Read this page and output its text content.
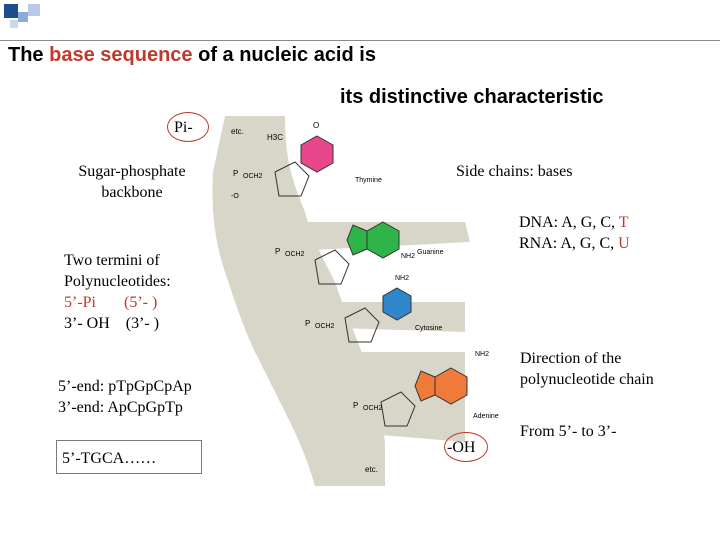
The base sequence of a nucleic acid is
its distinctive characteristic
Thymine
H3C
O
etc.
Guanine
NH2
Cytosine
NH2
Adenine
NH2
P OCH2
-O
P OCH2
P OCH2
P OCH2
etc.
Pi-
Sugar-phosphate
backbone
Two termini of
Polynucleotides:
5’-Pi       (5’- )
3’- OH    (3’- )
5’-end: pTpGpCpAp
3’-end: ApCpGpTp
5’-TGCA……
Side chains: bases
DNA: A, G, C, T
RNA: A, G, C, U
Direction of the
polynucleotide chain
From 5’- to 3’-
-OH
